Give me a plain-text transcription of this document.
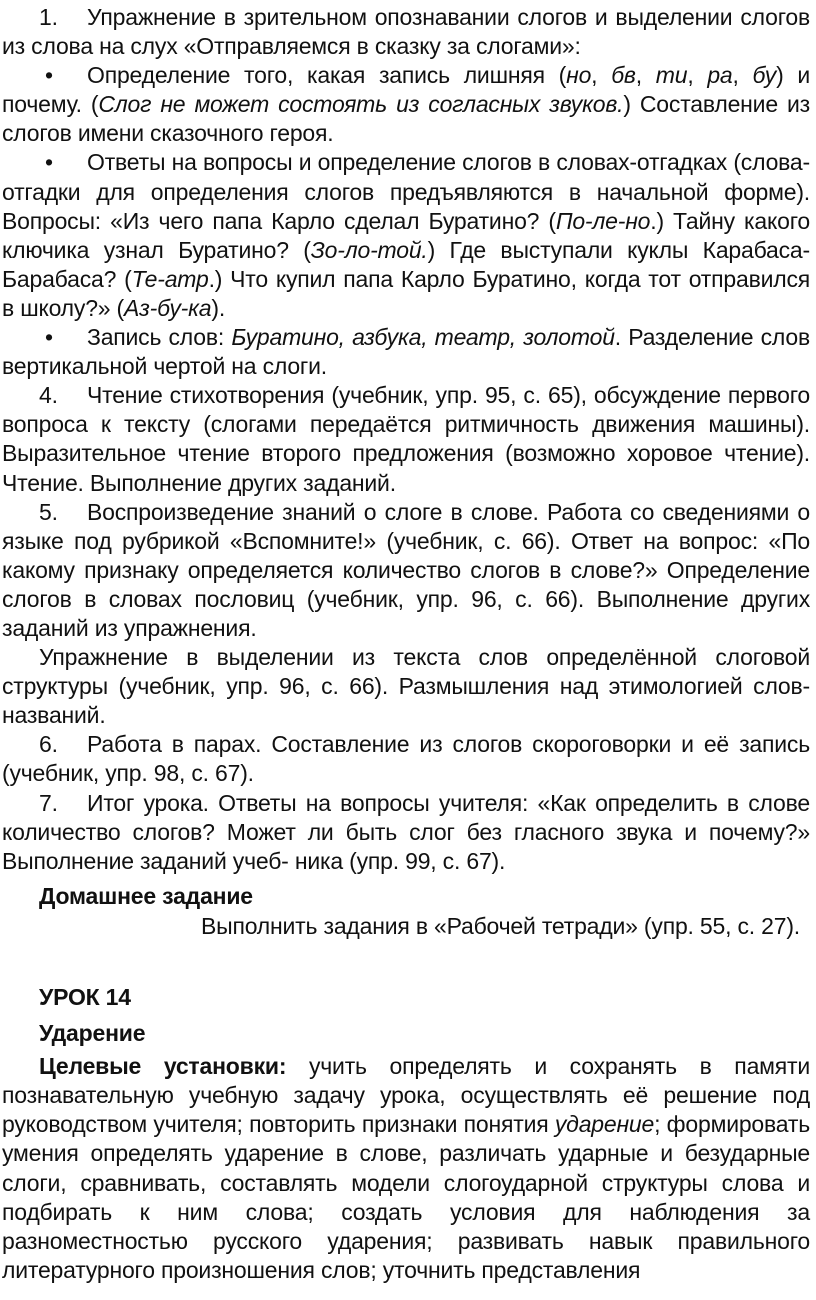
1. Упражнение в зрительном опознавании слогов и выделении слогов из слова на слух «Отправляемся в сказку за слогами»:

• Определение того, какая запись лишняя (но, бв, ти, ра, бу) и почему. (Слог не может состоять из согласных звуков.) Составление из слогов имени сказочного героя.

• Ответы на вопросы и определение слогов в словах-отгадках (слова-отгадки для определения слогов предъявляются в начальной форме). Вопросы: «Из чего папа Карло сделал Буратино? (По-ле-но.) Тайну какого ключика узнал Буратино? (Зо-ло-той.) Где выступали куклы Карабаса-Барабаса? (Те-атр.) Что купил папа Карло Буратино, когда тот отправился в школу?» (Аз-бу-ка).

• Запись слов: Буратино, азбука, театр, золотой. Разделение слов вертикальной чертой на слоги.

4. Чтение стихотворения (учебник, упр. 95, с. 65), обсуждение первого вопроса к тексту (слогами передаётся ритмичность движения машины). Выразительное чтение второго предложения (возможно хоровое чтение). Чтение. Выполнение других заданий.

5. Воспроизведение знаний о слоге в слове. Работа со сведениями о языке под рубрикой «Вспомните!» (учебник, с. 66). Ответ на вопрос: «По какому признаку определяется количество слогов в слове?» Определение слогов в словах пословиц (учебник, упр. 96, с. 66). Выполнение других заданий из упражнения.

Упражнение в выделении из текста слов определённой слоговой структуры (учебник, упр. 96, с. 66). Размышления над этимологией слов-названий.

6. Работа в парах. Составление из слогов скороговорки и её запись (учебник, упр. 98, с. 67).

7. Итог урока. Ответы на вопросы учителя: «Как определить в слове количество слогов? Может ли быть слог без гласного звука и почему?» Выполнение заданий учеб- ника (упр. 99, с. 67).

Домашнее задание

Выполнить задания в «Рабочей тетради» (упр. 55, с. 27).

УРОК 14

Ударение

Целевые установки: учить определять и сохранять в памяти познавательную учебную задачу урока, осуществлять её решение под руководством учителя; повторить признаки понятия ударение; формировать умения определять ударение в слове, различать ударные и безударные слоги, сравнивать, составлять модели слогоударной структуры слова и подбирать к ним слова; создать условия для наблюдения за разноместностью русского ударения; развивать навык правильного литературного произношения слов; уточнить представления
